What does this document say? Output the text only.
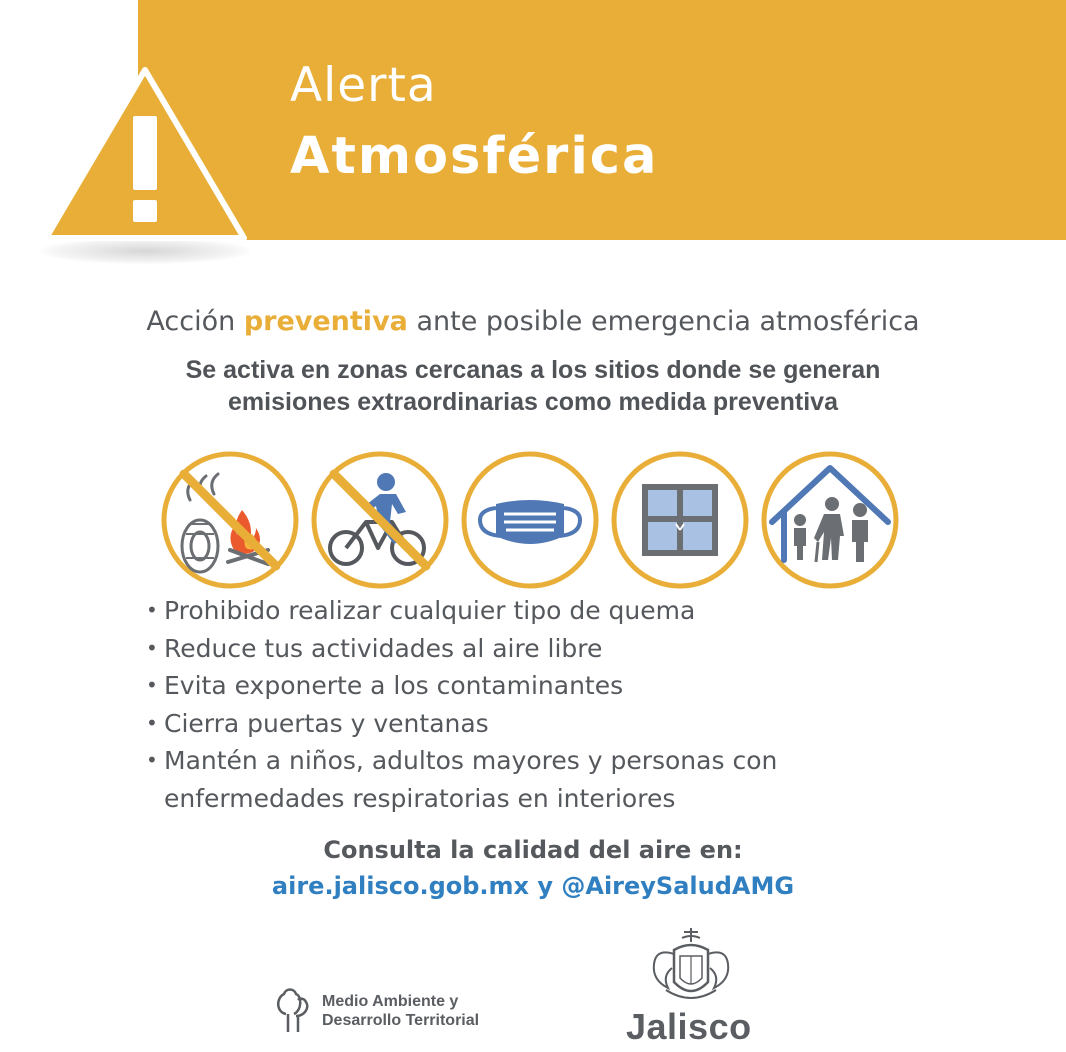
Alerta
Atmosférica
Acción preventiva ante posible emergencia atmosférica
Se activa en zonas cercanas a los sitios donde se generan
emisiones extraordinarias como medida preventiva
• Prohibido realizar cualquier tipo de quema
• Reduce tus actividades al aire libre
• Evita exponerte a los contaminantes
• Cierra puertas y ventanas
• Mantén a niños, adultos mayores y personas con enfermedades respiratorias en interiores
Consulta la calidad del aire en:
aire.jalisco.gob.mx y @AireySaludAMG
Medio Ambiente y
Desarrollo Territorial	Jalisco
